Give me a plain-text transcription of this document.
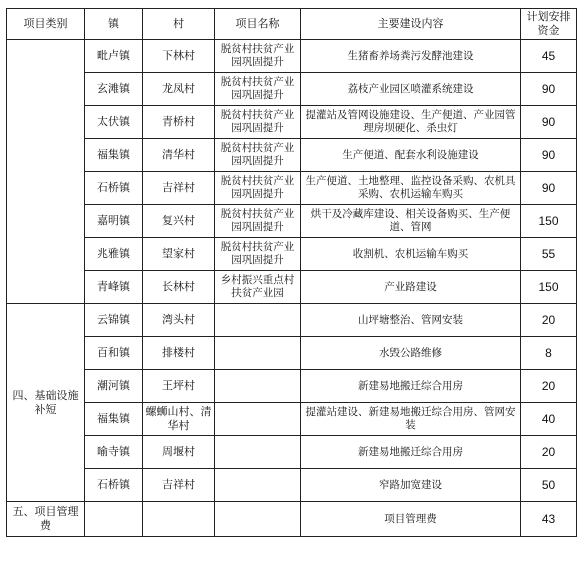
项目类别	镇	村	项目名称	主要建设内容	计划安排资金
	毗卢镇	下林村	脱贫村扶贫产业园巩固提升	生猪畜养场粪污发酵池建设	45
	玄滩镇	龙凤村	脱贫村扶贫产业园巩固提升	荔枝产业园区喷灌系统建设	90
	太伏镇	青桥村	脱贫村扶贫产业园巩固提升	提灌站及管网设施建设、生产便道、产业园管理房坝硬化、杀虫灯	90
	福集镇	清华村	脱贫村扶贫产业园巩固提升	生产便道、配套水利设施建设	90
	石桥镇	吉祥村	脱贫村扶贫产业园巩固提升	生产便道、土地整理、监控设备采购、农机具采购、农机运输车购买	90
	嘉明镇	复兴村	脱贫村扶贫产业园巩固提升	烘干及冷藏库建设、相关设备购买、生产便道、管网	150
	兆雅镇	望家村	脱贫村扶贫产业园巩固提升	收割机、农机运输车购买	55
	青峰镇	长林村	乡村振兴重点村扶贫产业园	产业路建设	150
四、基础设施补短	云锦镇	湾头村		山坪塘整治、管网安装	20
	百和镇	排楼村		水毁公路维修	8
	潮河镇	王坪村		新建易地搬迁综合用房	20
	福集镇	螺蛳山村、清华村		提灌站建设、新建易地搬迁综合用房、管网安装	40
	喻寺镇	周堰村		新建易地搬迁综合用房	20
	石桥镇	吉祥村		窄路加宽建设	50
五、项目管理费				项目管理费	43
